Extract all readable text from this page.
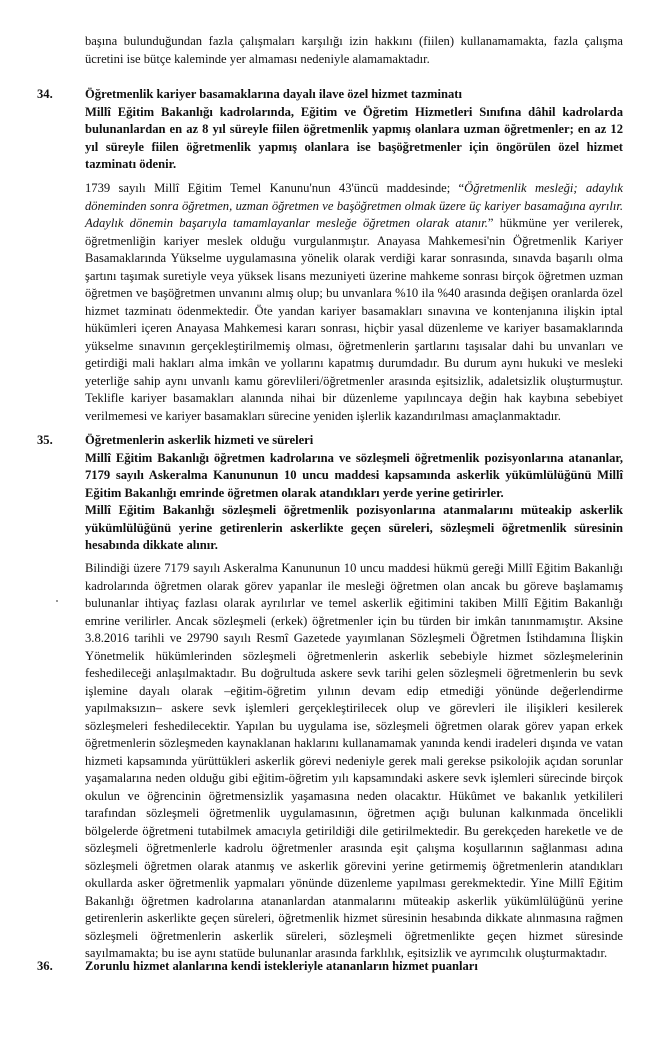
başına bulunduğundan fazla çalışmaları karşılığı izin hakkını (fiilen) kullanamamakta, fazla çalışma ücretini ise bütçe kaleminde yer almaması nedeniyle alamamaktadır.

34.	Öğretmenlik kariyer basamaklarına dayalı ilave özel hizmet tazminatı

Millî Eğitim Bakanlığı kadrolarında, Eğitim ve Öğretim Hizmetleri Sınıfına dâhil kadrolarda bulunanlardan en az 8 yıl süreyle fiilen öğretmenlik yapmış olanlara uzman öğretmenler; en az 12 yıl süreyle fiilen öğretmenlik yapmış olanlara ise başöğretmenler için öngörülen özel hizmet tazminatı ödenir.

1739 sayılı Millî Eğitim Temel Kanunu'nun 43'üncü maddesinde; “Öğretmenlik mesleği; adaylık döneminden sonra öğretmen, uzman öğretmen ve başöğretmen olmak üzere üç kariyer basamağına ayrılır. Adaylık dönemin başarıyla tamamlayanlar mesleğe öğretmen olarak atanır.” hükmüne yer verilerek, öğretmenliğin kariyer meslek olduğu vurgulanmıştır. Anayasa Mahkemesi'nin Öğretmenlik Kariyer Basamaklarında Yükselme uygulamasına yönelik olarak verdiği karar sonrasında, sınavda başarılı olma şartını taşımak suretiyle veya yüksek lisans mezuniyeti üzerine mahkeme sonrası birçok öğretmen uzman öğretmen ve başöğretmen unvanını almış olup; bu unvanlara %10 ila %40 arasında değişen oranlarda özel hizmet tazminatı ödenmektedir. Öte yandan kariyer basamakları sınavına ve kontenjanına ilişkin iptal hükümleri içeren Anayasa Mahkemesi kararı sonrası, hiçbir yasal düzenleme ve kariyer basamaklarında yükselme sınavının gerçekleştirilmemiş olması, öğretmenlerin şartlarını taşısalar dahi bu unvanları ve getirdiği mali hakları alma imkân ve yollarını kapatmış durumdadır. Bu durum aynı hukuki ve mesleki yeterliğe sahip aynı unvanlı kamu görevlileri/öğretmenler arasında eşitsizlik, adaletsizlik oluşturmuştur. Teklifle kariyer basamakları alanında nihai bir düzenleme yapılıncaya değin hak kaybına sebebiyet verilmemesi ve kariyer basamakları sürecine yeniden işlerlik kazandırılması amaçlanmaktadır.

35.	Öğretmenlerin askerlik hizmeti ve süreleri

Millî Eğitim Bakanlığı öğretmen kadrolarına ve sözleşmeli öğretmenlik pozisyonlarına atananlar, 7179 sayılı Askeralma Kanununun 10 uncu maddesi kapsamında askerlik yükümlülüğünü Millî Eğitim Bakanlığı emrinde öğretmen olarak atandıkları yerde yerine getirirler.

Millî Eğitim Bakanlığı sözleşmeli öğretmenlik pozisyonlarına atanmalarını müteakip askerlik yükümlülüğünü yerine getirenlerin askerlikte geçen süreleri, sözleşmeli öğretmenlik süresinin hesabında dikkate alınır.

Bilindiği üzere 7179 sayılı Askeralma Kanununun 10 uncu maddesi hükmü gereği Millî Eğitim Bakanlığı kadrolarında öğretmen olarak görev yapanlar ile mesleği öğretmen olan ancak bu göreve başlamamış bulunanlar ihtiyaç fazlası olarak ayrılırlar ve temel askerlik eğitimini takiben Millî Eğitim Bakanlığı emrine verilirler. Ancak sözleşmeli (erkek) öğretmenler için bu türden bir imkân tanınmamıştır. Aksine 3.8.2016 tarihli ve 29790 sayılı Resmî Gazetede yayımlanan Sözleşmeli Öğretmen İstihdamına İlişkin Yönetmelik hükümlerinden sözleşmeli öğretmenlerin askerlik sebebiyle hizmet sözleşmelerinin feshedileceği anlaşılmaktadır. Bu doğrultuda askere sevk tarihi gelen sözleşmeli öğretmenlerin bu sevk işlemine dayalı olarak –eğitim-öğretim yılının devam edip etmediği yönünde değerlendirme yapılmaksızın– askere sevk işlemleri gerçekleştirilecek olup ve görevleri ile ilişikleri kesilerek sözleşmeleri feshedilecektir. Yapılan bu uygulama ise, sözleşmeli öğretmen olarak görev yapan erkek öğretmenlerin sözleşmeden kaynaklanan haklarını kullanamamak yanında kendi iradeleri dışında ve vatan hizmeti kapsamında yürüttükleri askerlik görevi nedeniyle gerek mali gerekse psikolojik açıdan sorunlar yaşamalarına neden olduğu gibi eğitim-öğretim yılı kapsamındaki askere sevk işlemleri sürecinde birçok okulun ve öğrencinin öğretmensizlik yaşamasına neden olacaktır. Hükûmet ve bakanlık yetkilileri tarafından sözleşmeli öğretmenlik uygulamasının, öğretmen açığı bulunan kalkınmada öncelikli bölgelerde öğretmeni tutabilmek amacıyla getirildiği dile getirilmektedir. Bu gerekçeden hareketle ve de sözleşmeli öğretmenlerle kadrolu öğretmenler arasında eşit çalışma koşullarının sağlanması adına sözleşmeli öğretmen olarak atanmış ve askerlik görevini yerine getirmemiş öğretmenlerin atandıkları okullarda asker öğretmenlik yapmaları yönünde düzenleme yapılması gerekmektedir. Yine Millî Eğitim Bakanlığı öğretmen kadrolarına atananlardan atanmalarını müteakip askerlik yükümlülüğünü yerine getirenlerin askerlikte geçen süreleri, öğretmenlik hizmet süresinin hesabında dikkate alınmasına rağmen sözleşmeli öğretmenlerin askerlik süreleri, sözleşmeli öğretmenlikte geçen hizmet süresinde sayılmamakta; bu ise aynı statüde bulunanlar arasında farklılık, eşitsizlik ve ayrımcılık oluşturmaktadır.

36.	Zorunlu hizmet alanlarına kendi istekleriyle atananların hizmet puanları
